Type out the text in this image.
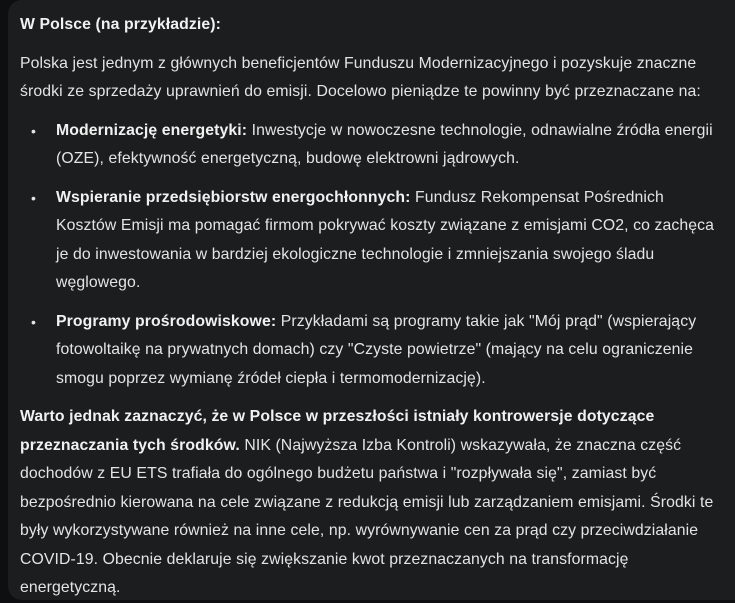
W Polsce (na przykładzie):

Polska jest jednym z głównych beneficjentów Funduszu Modernizacyjnego i pozyskuje znaczne środki ze sprzedaży uprawnień do emisji. Docelowo pieniądze te powinny być przeznaczane na:

• Modernizację energetyki: Inwestycje w nowoczesne technologie, odnawialne źródła energii (OZE), efektywność energetyczną, budowę elektrowni jądrowych.
• Wspieranie przedsiębiorstw energochłonnych: Fundusz Rekompensat Pośrednich Kosztów Emisji ma pomagać firmom pokrywać koszty związane z emisjami CO2, co zachęca je do inwestowania w bardziej ekologiczne technologie i zmniejszania swojego śladu węglowego.
• Programy prośrodowiskowe: Przykładami są programy takie jak "Mój prąd" (wspierający fotowoltaikę na prywatnych domach) czy "Czyste powietrze" (mający na celu ograniczenie smogu poprzez wymianę źródeł ciepła i termomodernizację).

Warto jednak zaznaczyć, że w Polsce w przeszłości istniały kontrowersje dotyczące przeznaczania tych środków. NIK (Najwyższa Izba Kontroli) wskazywała, że znaczna część dochodów z EU ETS trafiała do ogólnego budżetu państwa i "rozpływała się", zamiast być bezpośrednio kierowana na cele związane z redukcją emisji lub zarządzaniem emisjami. Środki te były wykorzystywane również na inne cele, np. wyrównywanie cen za prąd czy przeciwdziałanie COVID-19. Obecnie deklaruje się zwiększanie kwot przeznaczanych na transformację energetyczną.
